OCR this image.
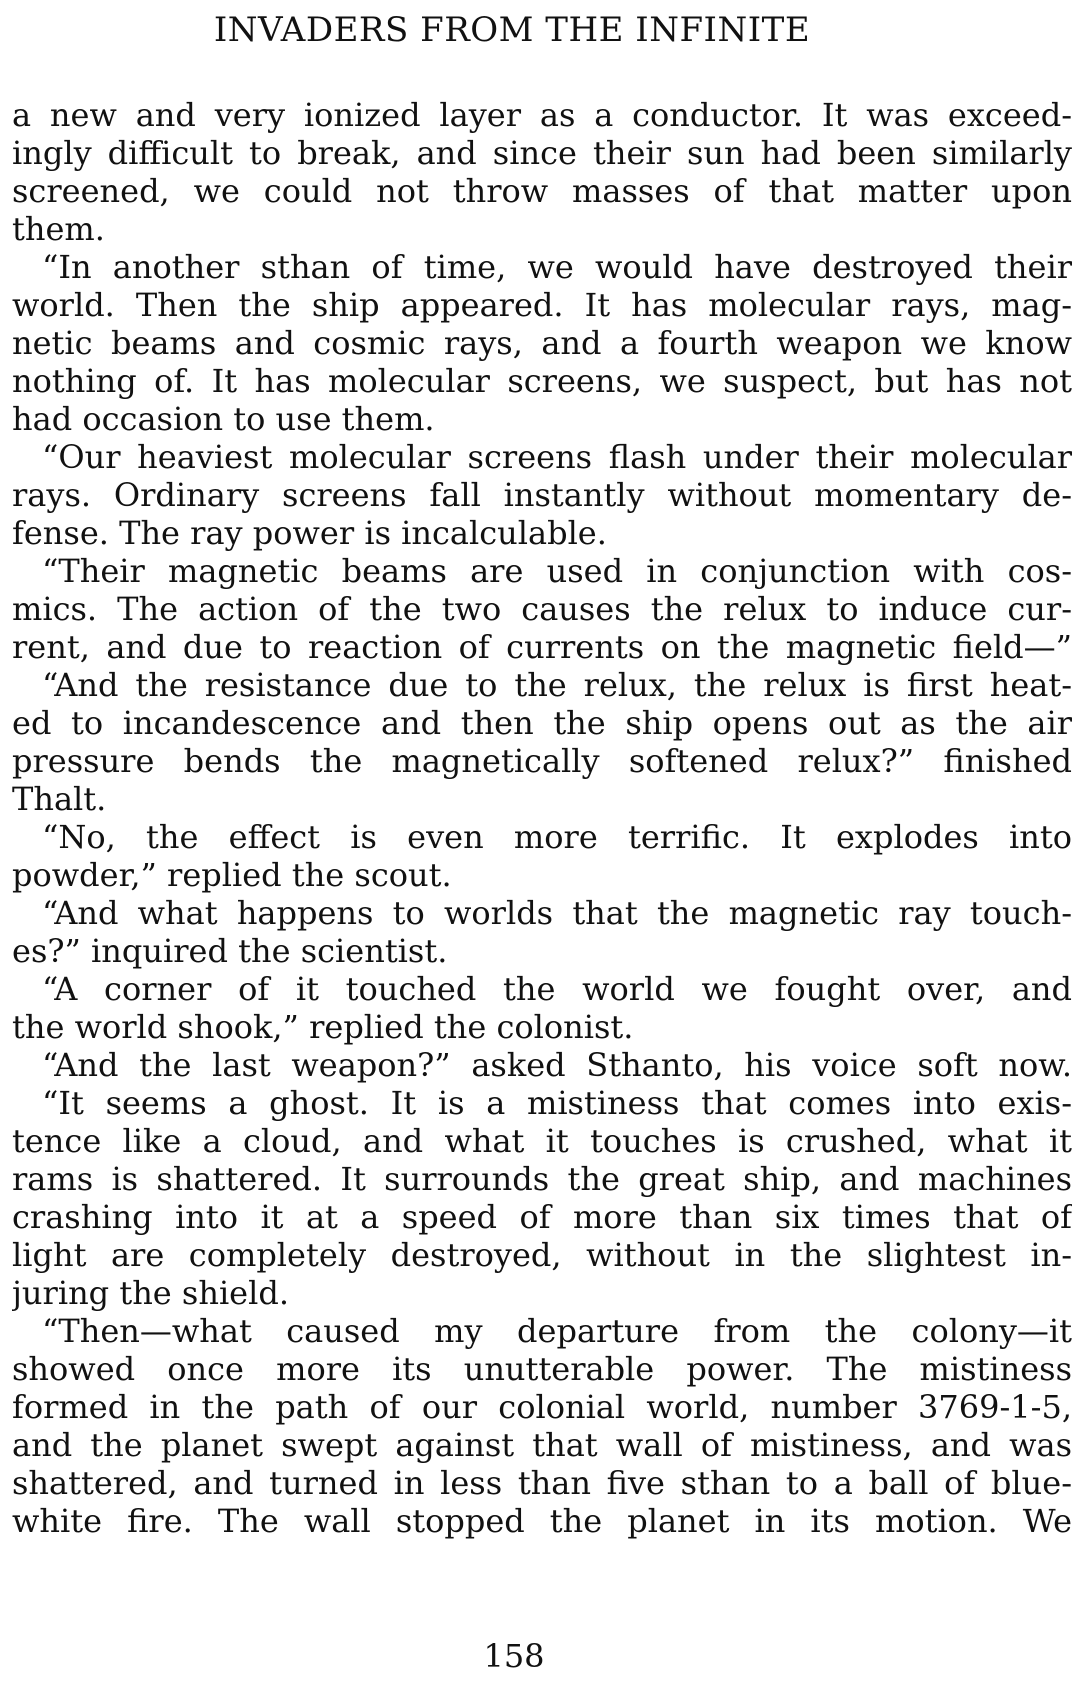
INVADERS FROM THE INFINITE
a new and very ionized layer as a conductor. It was exceed-
ingly difficult to break, and since their sun had been similarly
screened, we could not throw masses of that matter upon
them.
“In another sthan of time, we would have destroyed their
world. Then the ship appeared. It has molecular rays, mag-
netic beams and cosmic rays, and a fourth weapon we know
nothing of. It has molecular screens, we suspect, but has not
had occasion to use them.
“Our heaviest molecular screens flash under their molecular
rays. Ordinary screens fall instantly without momentary de-
fense. The ray power is incalculable.
“Their magnetic beams are used in conjunction with cos-
mics. The action of the two causes the relux to induce cur-
rent, and due to reaction of currents on the magnetic field—”
“And the resistance due to the relux, the relux is first heat-
ed to incandescence and then the ship opens out as the air
pressure bends the magnetically softened relux?” finished
Thalt.
“No, the effect is even more terrific. It explodes into
powder,” replied the scout.
“And what happens to worlds that the magnetic ray touch-
es?” inquired the scientist.
“A corner of it touched the world we fought over, and
the world shook,” replied the colonist.
“And the last weapon?” asked Sthanto, his voice soft now.
“It seems a ghost. It is a mistiness that comes into exis-
tence like a cloud, and what it touches is crushed, what it
rams is shattered. It surrounds the great ship, and machines
crashing into it at a speed of more than six times that of
light are completely destroyed, without in the slightest in-
juring the shield.
“Then—what caused my departure from the colony—it
showed once more its unutterable power. The mistiness
formed in the path of our colonial world, number 3769-1-5,
and the planet swept against that wall of mistiness, and was
shattered, and turned in less than five sthan to a ball of blue-
white fire. The wall stopped the planet in its motion. We
158
